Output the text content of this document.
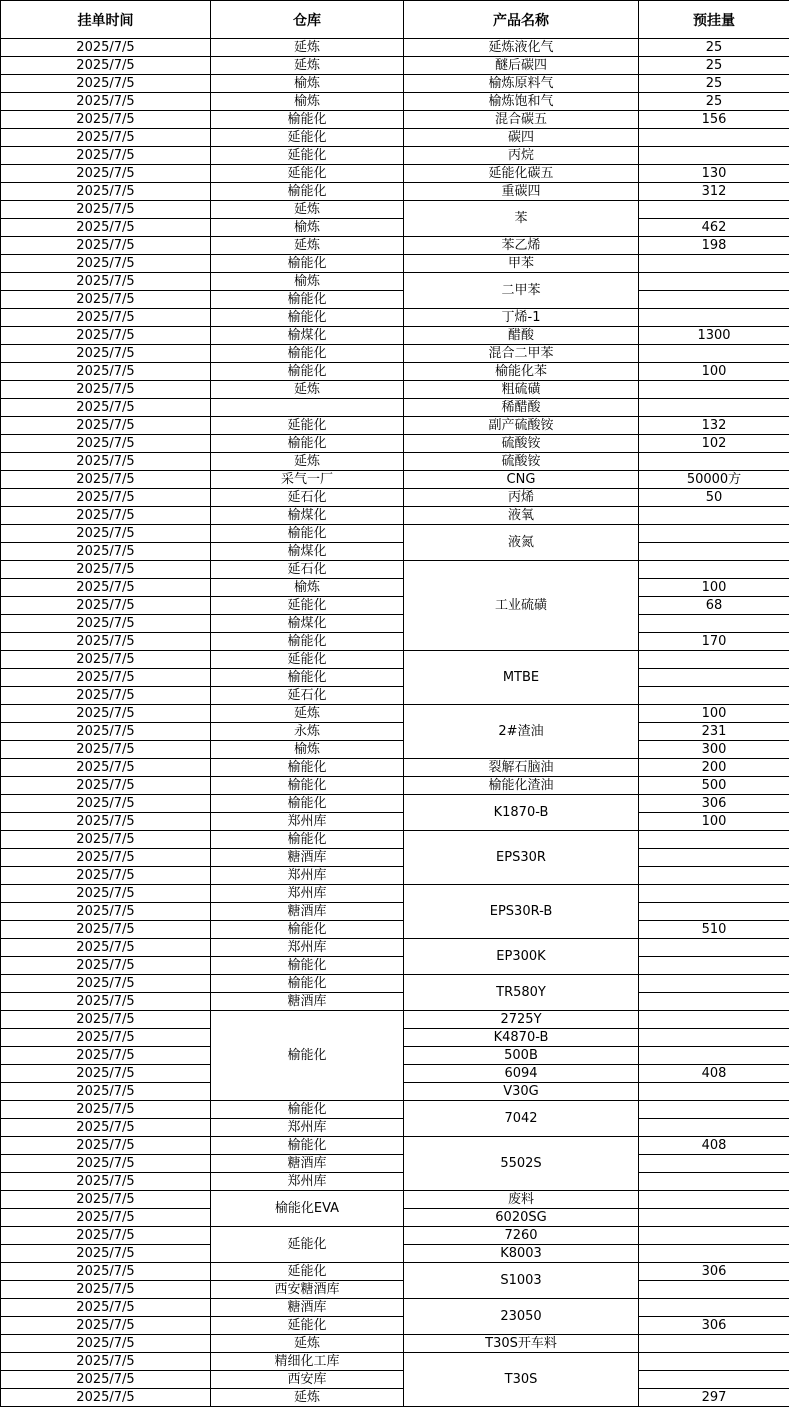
挂单时间	仓库	产品名称	预挂量
2025/7/5	延炼	延炼液化气	25
2025/7/5	延炼	醚后碳四	25
2025/7/5	榆炼	榆炼原料气	25
2025/7/5	榆炼	榆炼饱和气	25
2025/7/5	榆能化	混合碳五	156
2025/7/5	延能化	碳四	
2025/7/5	延能化	丙烷	
2025/7/5	延能化	延能化碳五	130
2025/7/5	榆能化	重碳四	312
2025/7/5	延炼	苯	
2025/7/5	榆炼		462
2025/7/5	延炼	苯乙烯	198
2025/7/5	榆能化	甲苯	
2025/7/5	榆炼	二甲苯	
2025/7/5	榆能化		
2025/7/5	榆能化	丁烯-1	
2025/7/5	榆煤化	醋酸	1300
2025/7/5	榆能化	混合二甲苯	
2025/7/5	榆能化	榆能化苯	100
2025/7/5	延炼	粗硫磺	
2025/7/5		稀醋酸	
2025/7/5	延能化	副产硫酸铵	132
2025/7/5	榆能化	硫酸铵	102
2025/7/5	延炼	硫酸铵	
2025/7/5	采气一厂	CNG	50000方
2025/7/5	延石化	丙烯	50
2025/7/5	榆煤化	液氧	
2025/7/5	榆能化	液氮	
2025/7/5	榆煤化		
2025/7/5	延石化	工业硫磺	
2025/7/5	榆炼		100
2025/7/5	延能化		68
2025/7/5	榆煤化		
2025/7/5	榆能化		170
2025/7/5	延能化	MTBE	
2025/7/5	榆能化		
2025/7/5	延石化		
2025/7/5	延炼	2#渣油	100
2025/7/5	永炼		231
2025/7/5	榆炼		300
2025/7/5	榆能化	裂解石脑油	200
2025/7/5	榆能化	榆能化渣油	500
2025/7/5	榆能化	K1870-B	306
2025/7/5	郑州库		100
2025/7/5	榆能化	EPS30R	
2025/7/5	糖酒库		
2025/7/5	郑州库		
2025/7/5	郑州库	EPS30R-B	
2025/7/5	糖酒库		
2025/7/5	榆能化		510
2025/7/5	郑州库	EP300K	
2025/7/5	榆能化		
2025/7/5	榆能化	TR580Y	
2025/7/5	糖酒库		
2025/7/5	榆能化	2725Y	
2025/7/5		K4870-B	
2025/7/5		500B	
2025/7/5		6094	408
2025/7/5		V30G	
2025/7/5	榆能化	7042	
2025/7/5	郑州库		
2025/7/5	榆能化	5502S	408
2025/7/5	糖酒库		
2025/7/5	郑州库		
2025/7/5	榆能化EVA	废料	
2025/7/5		6020SG	
2025/7/5	延能化	7260	
2025/7/5		K8003	
2025/7/5	延能化	S1003	306
2025/7/5	西安糖酒库		
2025/7/5	糖酒库	23050	
2025/7/5	延能化		306
2025/7/5	延炼	T30S开车料	
2025/7/5	精细化工库	T30S	
2025/7/5	西安库		
2025/7/5	延炼		297
